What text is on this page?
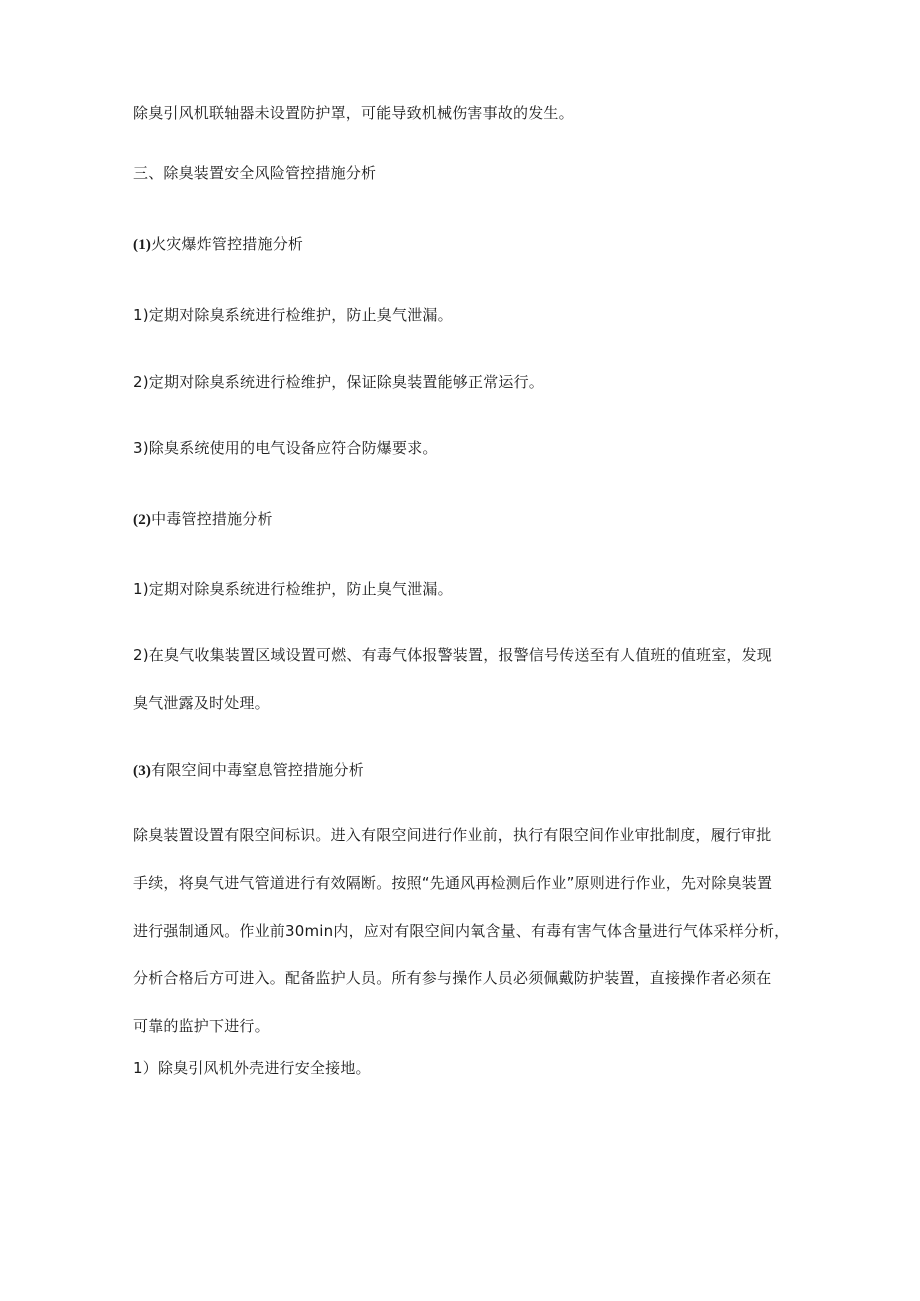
除臭引风机联轴器未设置防护罩，可能导致机械伤害事故的发生。
三、除臭装置安全风险管控措施分析
(1)火灾爆炸管控措施分析
1)定期对除臭系统进行检维护，防止臭气泄漏。
2)定期对除臭系统进行检维护，保证除臭装置能够正常运行。
3)除臭系统使用的电气设备应符合防爆要求。
(2)中毒管控措施分析
1)定期对除臭系统进行检维护，防止臭气泄漏。
2)在臭气收集装置区域设置可燃、有毒气体报警装置，报警信号传送至有人值班的值班室，发现
臭气泄露及时处理。
(3)有限空间中毒窒息管控措施分析
除臭装置设置有限空间标识。进入有限空间进行作业前，执行有限空间作业审批制度，履行审批
手续，将臭气进气管道进行有效隔断。按照“先通风再检测后作业”原则进行作业，先对除臭装置
进行强制通风。作业前30min内，应对有限空间内氧含量、有毒有害气体含量进行气体采样分析，
分析合格后方可进入。配备监护人员。所有参与操作人员必须佩戴防护装置，直接操作者必须在
可靠的监护下进行。
1）除臭引风机外壳进行安全接地。
